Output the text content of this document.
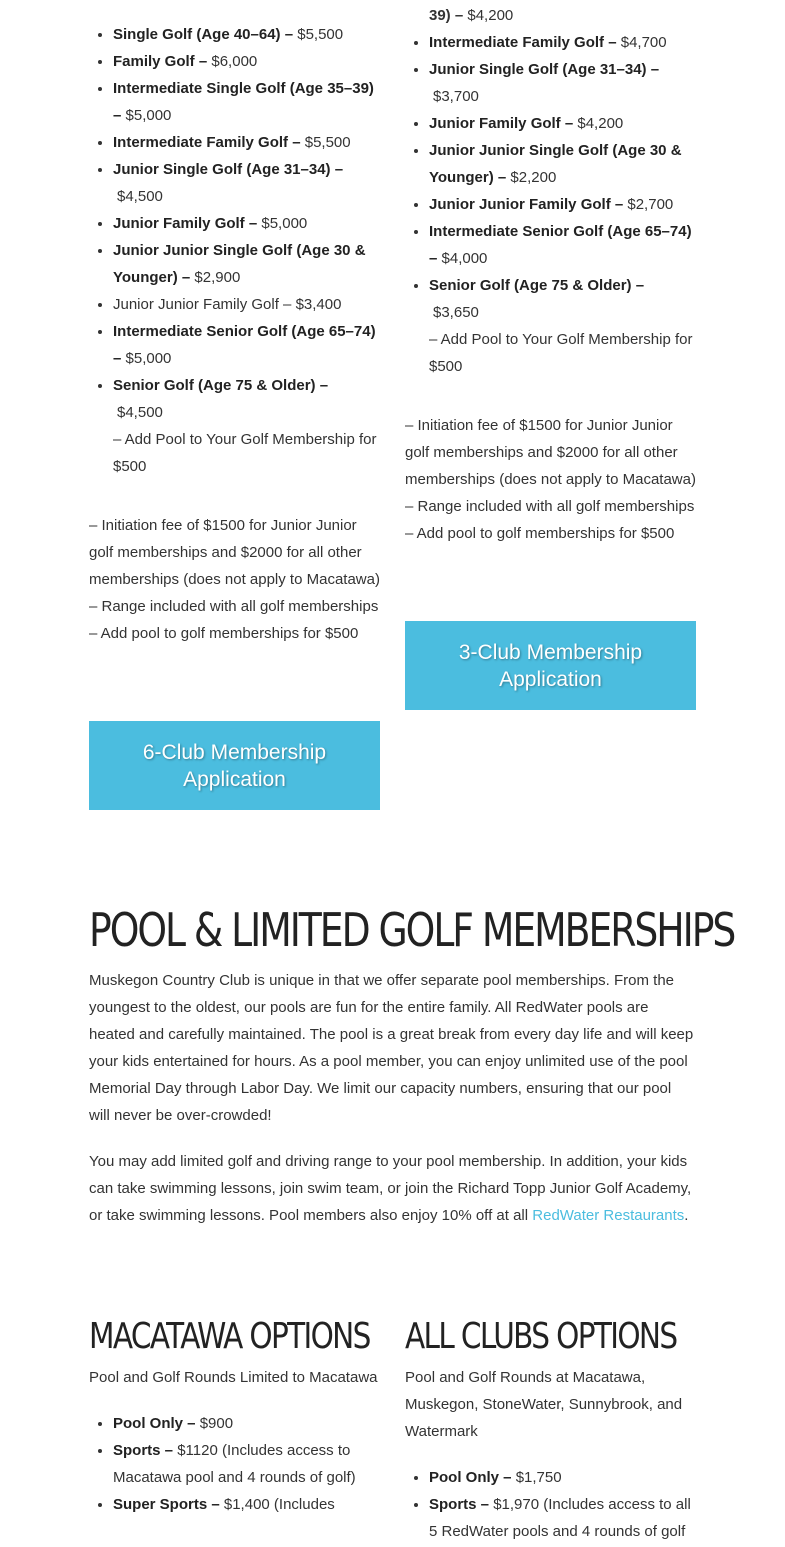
• Single Golf (Age 40–64) – $5,500
• Family Golf – $6,000
• Intermediate Single Golf (Age 35–39) – $5,000
• Intermediate Family Golf – $5,500
• Junior Single Golf (Age 31–34) –
$4,500
• Junior Family Golf – $5,000
• Junior Junior Single Golf (Age 30 & Younger) – $2,900
• Junior Junior Family Golf – $3,400
• Intermediate Senior Golf (Age 65–74) – $5,000
• Senior Golf (Age 75 & Older) –
$4,500
– Add Pool to Your Golf Membership for $500

– Initiation fee of $1500 for Junior Junior golf memberships and $2000 for all other memberships (does not apply to Macatawa)

– Range included with all golf memberships

– Add pool to golf memberships for $500

6-Club Membership Application
39) – $4,200
• Intermediate Family Golf – $4,700
• Junior Single Golf (Age 31–34) –
$3,700
• Junior Family Golf – $4,200
• Junior Junior Single Golf (Age 30 & Younger) – $2,200
• Junior Junior Family Golf – $2,700
• Intermediate Senior Golf (Age 65–74) – $4,000
• Senior Golf (Age 75 & Older) –
$3,650
– Add Pool to Your Golf Membership for $500

– Initiation fee of $1500 for Junior Junior golf memberships and $2000 for all other memberships (does not apply to Macatawa)

– Range included with all golf memberships

– Add pool to golf memberships for $500

3-Club Membership Application
POOL & LIMITED GOLF MEMBERSHIPS

Muskegon Country Club is unique in that we offer separate pool memberships. From the youngest to the oldest, our pools are fun for the entire family. All RedWater pools are heated and carefully maintained. The pool is a great break from every day life and will keep your kids entertained for hours. As a pool member, you can enjoy unlimited use of the pool Memorial Day through Labor Day. We limit our capacity numbers, ensuring that our pool will never be over-crowded!

You may add limited golf and driving range to your pool membership. In addition, your kids can take swimming lessons, join swim team, or join the Richard Topp Junior Golf Academy, or take swimming lessons. Pool members also enjoy 10% off at all RedWater Restaurants.

MACATAWA OPTIONS

Pool and Golf Rounds Limited to Macatawa

• Pool Only – $900
• Sports – $1120 (Includes access to Macatawa pool and 4 rounds of golf)
• Super Sports – $1,400 (Includes
ALL CLUBS OPTIONS

Pool and Golf Rounds at Macatawa, Muskegon, StoneWater, Sunnybrook, and Watermark

• Pool Only – $1,750
• Sports – $1,970 (Includes access to all 5 RedWater pools and 4 rounds of golf
